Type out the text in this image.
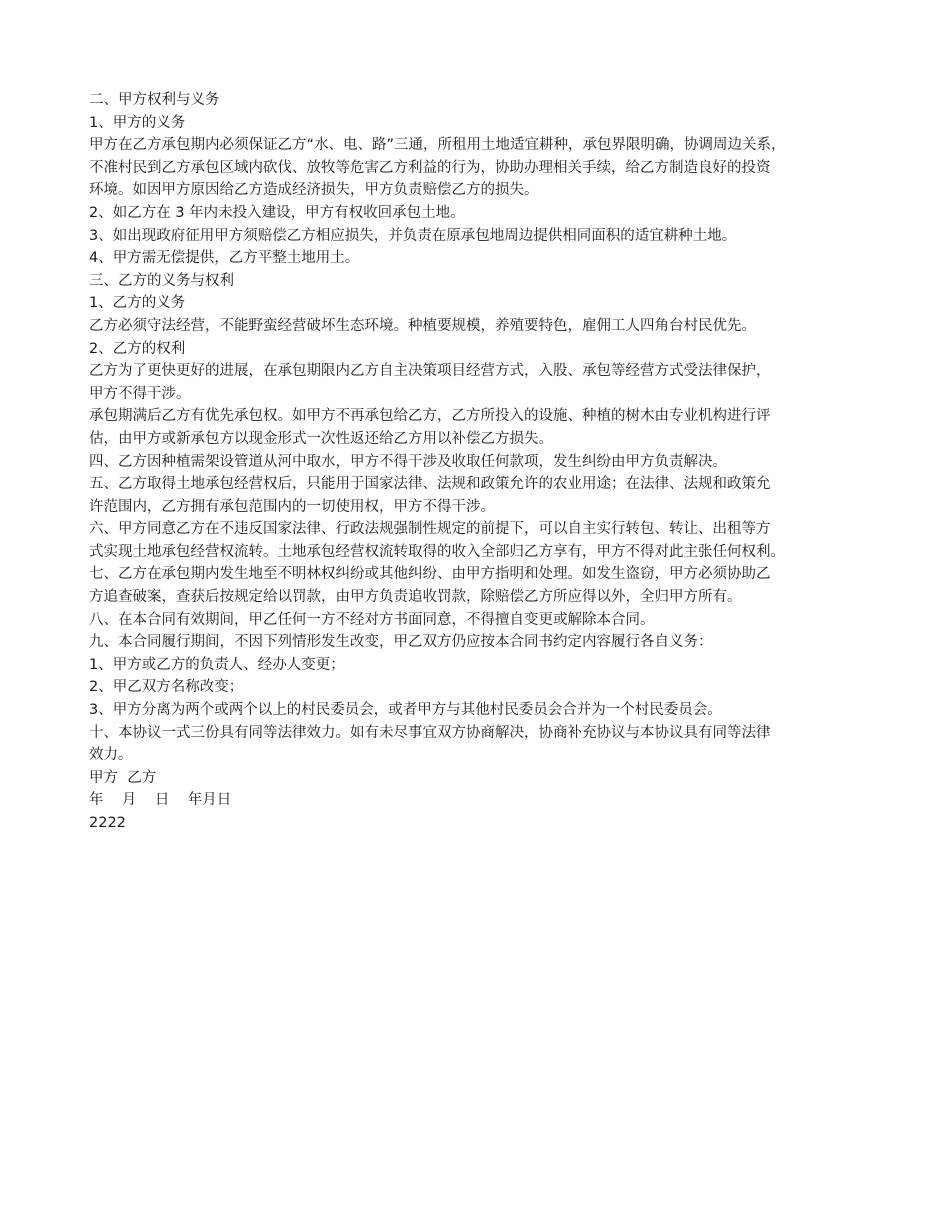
二、甲方权利与义务
1、甲方的义务
甲方在乙方承包期内必须保证乙方“水、电、路”三通，所租用土地适宜耕种，承包界限明确，协调周边关系，
不准村民到乙方承包区域内砍伐、放牧等危害乙方利益的行为，协助办理相关手续，给乙方制造良好的投资
环境。如因甲方原因给乙方造成经济损失，甲方负责赔偿乙方的损失。
2、如乙方在 3 年内未投入建设，甲方有权收回承包土地。
3、如出现政府征用甲方须赔偿乙方相应损失，并负责在原承包地周边提供相同面积的适宜耕种土地。
4、甲方需无偿提供，乙方平整土地用土。
三、乙方的义务与权利
1、乙方的义务
乙方必须守法经营，不能野蛮经营破坏生态环境。种植要规模，养殖要特色，雇佣工人四角台村民优先。
2、乙方的权利
乙方为了更快更好的进展，在承包期限内乙方自主决策项目经营方式，入股、承包等经营方式受法律保护，
甲方不得干涉。
承包期满后乙方有优先承包权。如甲方不再承包给乙方，乙方所投入的设施、种植的树木由专业机构进行评
估，由甲方或新承包方以现金形式一次性返还给乙方用以补偿乙方损失。
四、乙方因种植需架设管道从河中取水，甲方不得干涉及收取任何款项，发生纠纷由甲方负责解决。
五、乙方取得土地承包经营权后，只能用于国家法律、法规和政策允许的农业用途；在法律、法规和政策允
许范围内，乙方拥有承包范围内的一切使用权，甲方不得干涉。
六、甲方同意乙方在不违反国家法律、行政法规强制性规定的前提下，可以自主实行转包、转让、出租等方
式实现土地承包经营权流转。土地承包经营权流转取得的收入全部归乙方享有，甲方不得对此主张任何权利。
七、乙方在承包期内发生地至不明林权纠纷或其他纠纷、由甲方指明和处理。如发生盗窃，甲方必须协助乙
方追查破案，查获后按规定给以罚款，由甲方负责追收罚款，除赔偿乙方所应得以外，全归甲方所有。
八、在本合同有效期间，甲乙任何一方不经对方书面同意，不得擅自变更或解除本合同。
九、本合同履行期间，不因下列情形发生改变，甲乙双方仍应按本合同书约定内容履行各自义务：
1、甲方或乙方的负责人、经办人变更；
2、甲乙双方名称改变；
3、甲方分离为两个或两个以上的村民委员会，或者甲方与其他村民委员会合并为一个村民委员会。
十、本协议一式三份具有同等法律效力。如有未尽事宜双方协商解决，协商补充协议与本协议具有同等法律
效力。
甲方  乙方
年    月    日    年月日
2222
